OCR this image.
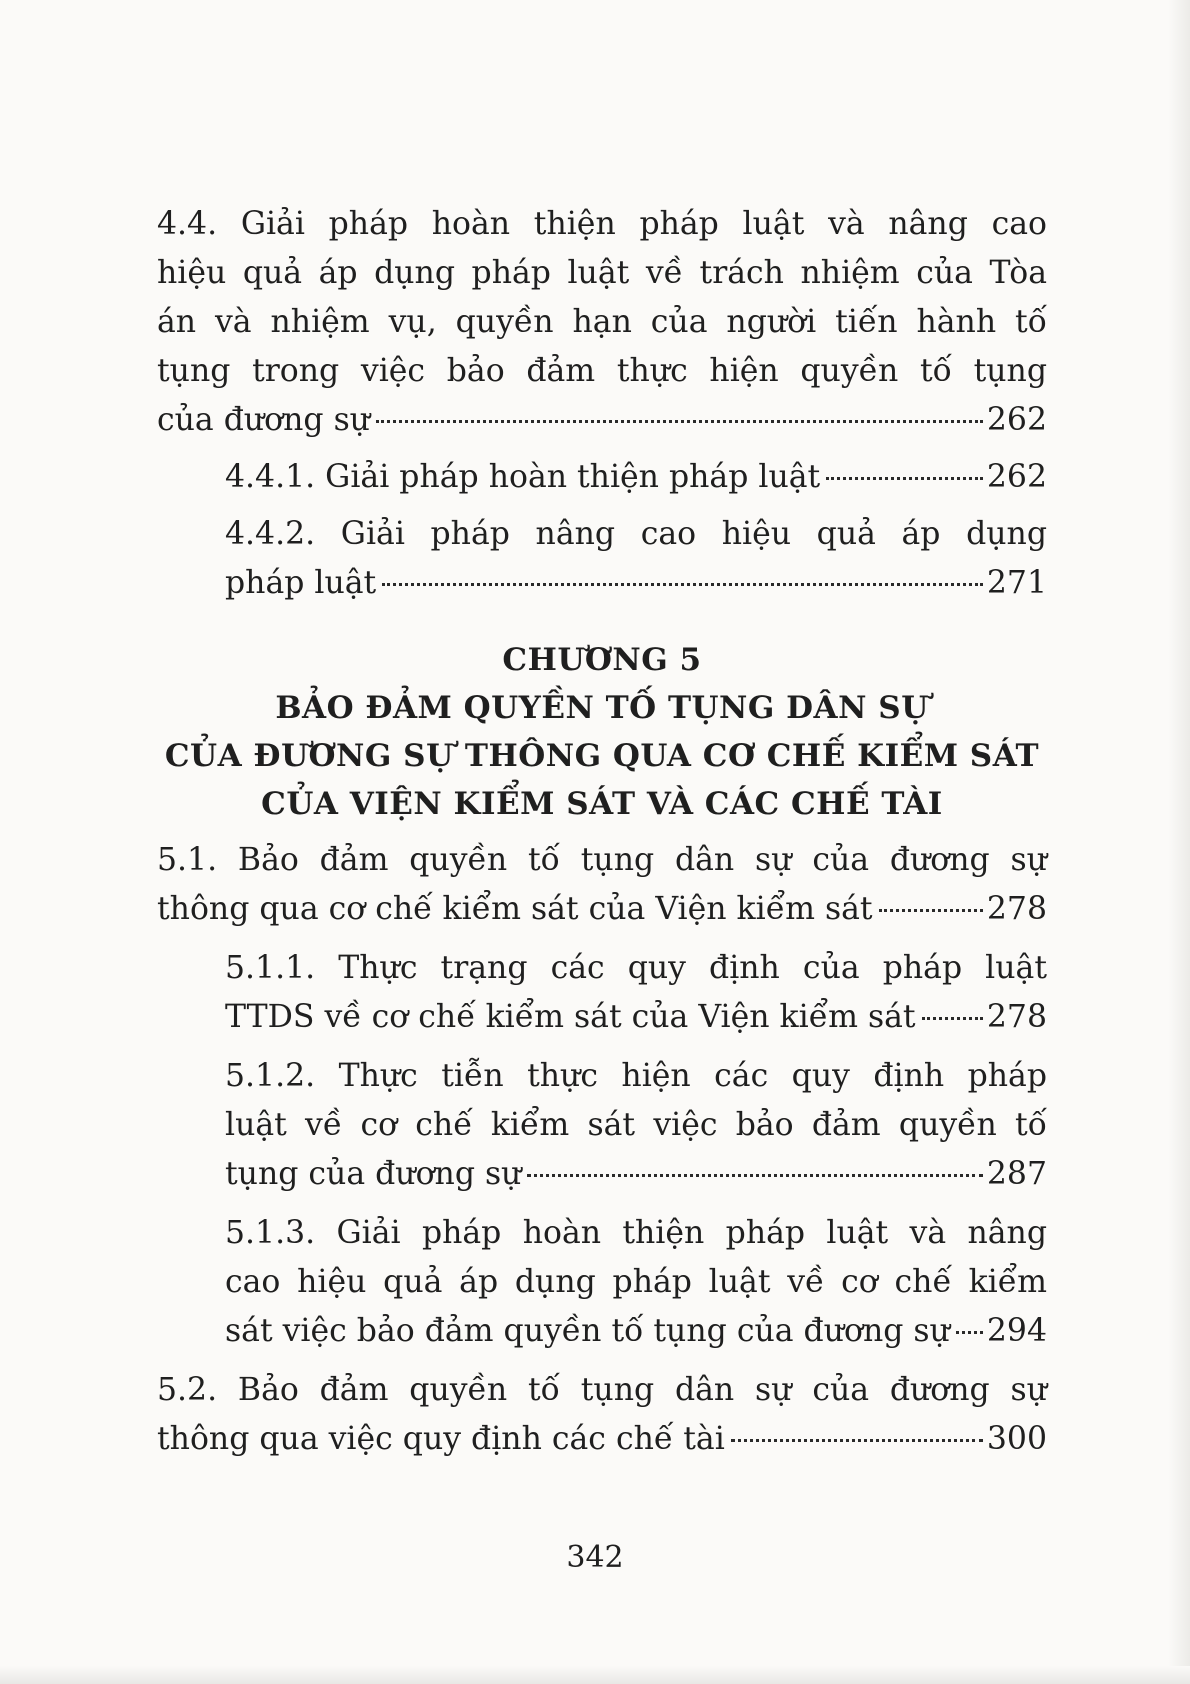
4.4. Giải pháp hoàn thiện pháp luật và nâng cao
hiệu quả áp dụng pháp luật về trách nhiệm của Tòa
án và nhiệm vụ, quyền hạn của người tiến hành tố
tụng trong việc bảo đảm thực hiện quyền tố tụng
của đương sự	262
4.4.1. Giải pháp hoàn thiện pháp luật	262
4.4.2. Giải pháp nâng cao hiệu quả áp dụng
pháp luật	271
CHƯƠNG 5
BẢO ĐẢM QUYỀN TỐ TỤNG DÂN SỰ
CỦA ĐƯƠNG SỰ THÔNG QUA CƠ CHẾ KIỂM SÁT
CỦA VIỆN KIỂM SÁT VÀ CÁC CHẾ TÀI
5.1. Bảo đảm quyền tố tụng dân sự của đương sự
thông qua cơ chế kiểm sát của Viện kiểm sát	278
5.1.1. Thực trạng các quy định của pháp luật
TTDS về cơ chế kiểm sát của Viện kiểm sát 278
5.1.2. Thực tiễn thực hiện các quy định pháp
luật về cơ chế kiểm sát việc bảo đảm quyền tố
tụng của đương sự	287
5.1.3. Giải pháp hoàn thiện pháp luật và nâng
cao hiệu quả áp dụng pháp luật về cơ chế kiểm
sát việc bảo đảm quyền tố tụng của đương sự 294
5.2. Bảo đảm quyền tố tụng dân sự của đương sự
thông qua việc quy định các chế tài	300
342
